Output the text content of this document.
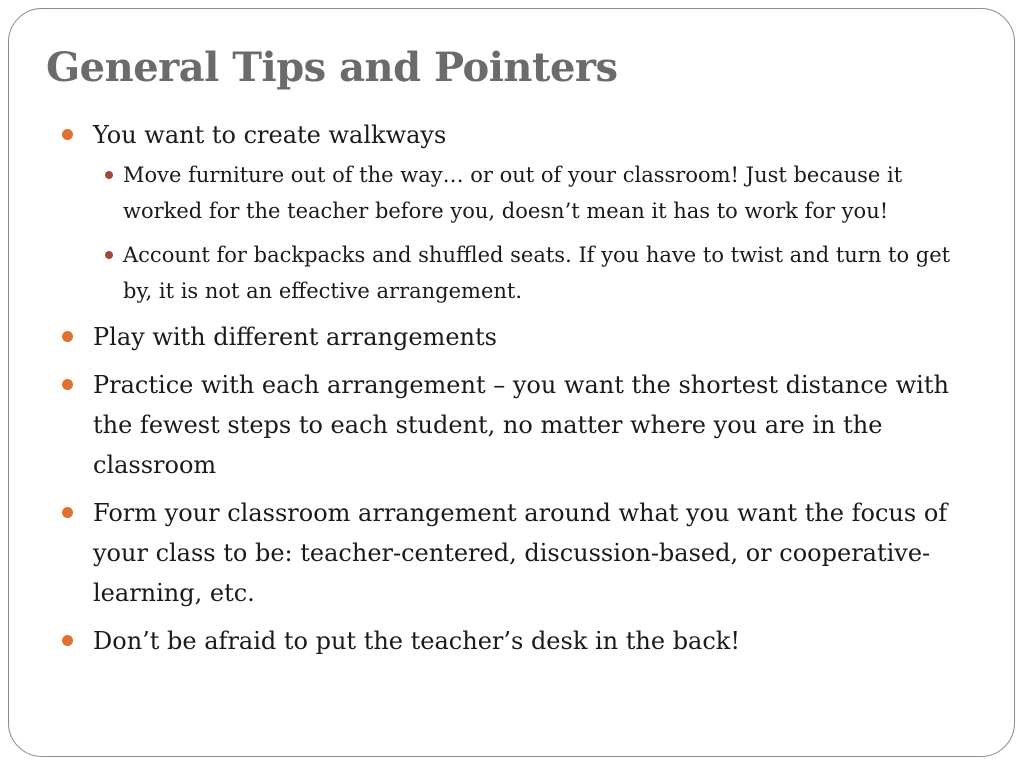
General Tips and Pointers
You want to create walkways
Move furniture out of the way… or out of your classroom! Just because it worked for the teacher before you, doesn’t mean it has to work for you!
Account for backpacks and shuffled seats. If you have to twist and turn to get by, it is not an effective arrangement.
Play with different arrangements
Practice with each arrangement – you want the shortest distance with the fewest steps to each student, no matter where you are in the classroom
Form your classroom arrangement around what you want the focus of your class to be: teacher-centered, discussion-based, or cooperative-learning, etc.
Don’t be afraid to put the teacher’s desk in the back!
